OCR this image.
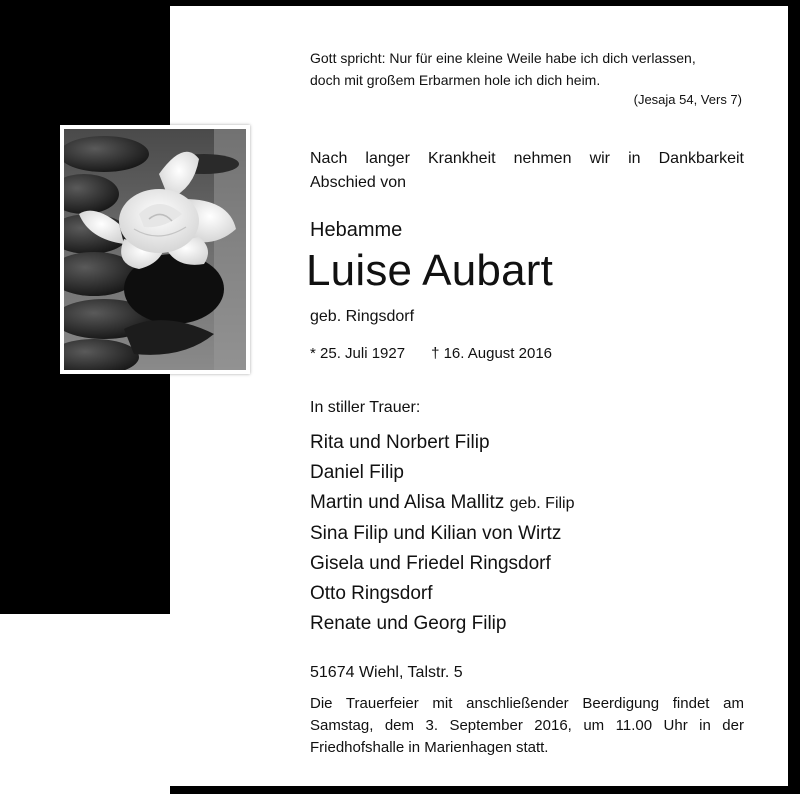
Gott spricht: Nur für eine kleine Weile habe ich dich verlassen,
doch mit großem Erbarmen hole ich dich heim.
(Jesaja 54, Vers 7)
Nach langer Krankheit nehmen wir in Dankbarkeit
Abschied von
Hebamme
Luise Aubart
geb. Ringsdorf
* 25. Juli 1927 † 16. August 2016
In stiller Trauer:
Rita und Norbert Filip
Daniel Filip
Martin und Alisa Mallitz geb. Filip
Sina Filip und Kilian von Wirtz
Gisela und Friedel Ringsdorf
Otto Ringsdorf
Renate und Georg Filip
51674 Wiehl, Talstr. 5
Die Trauerfeier mit anschließender Beerdigung findet am
Samstag, dem 3. September 2016, um 11.00 Uhr in der
Friedhofshalle in Marienhagen statt.
